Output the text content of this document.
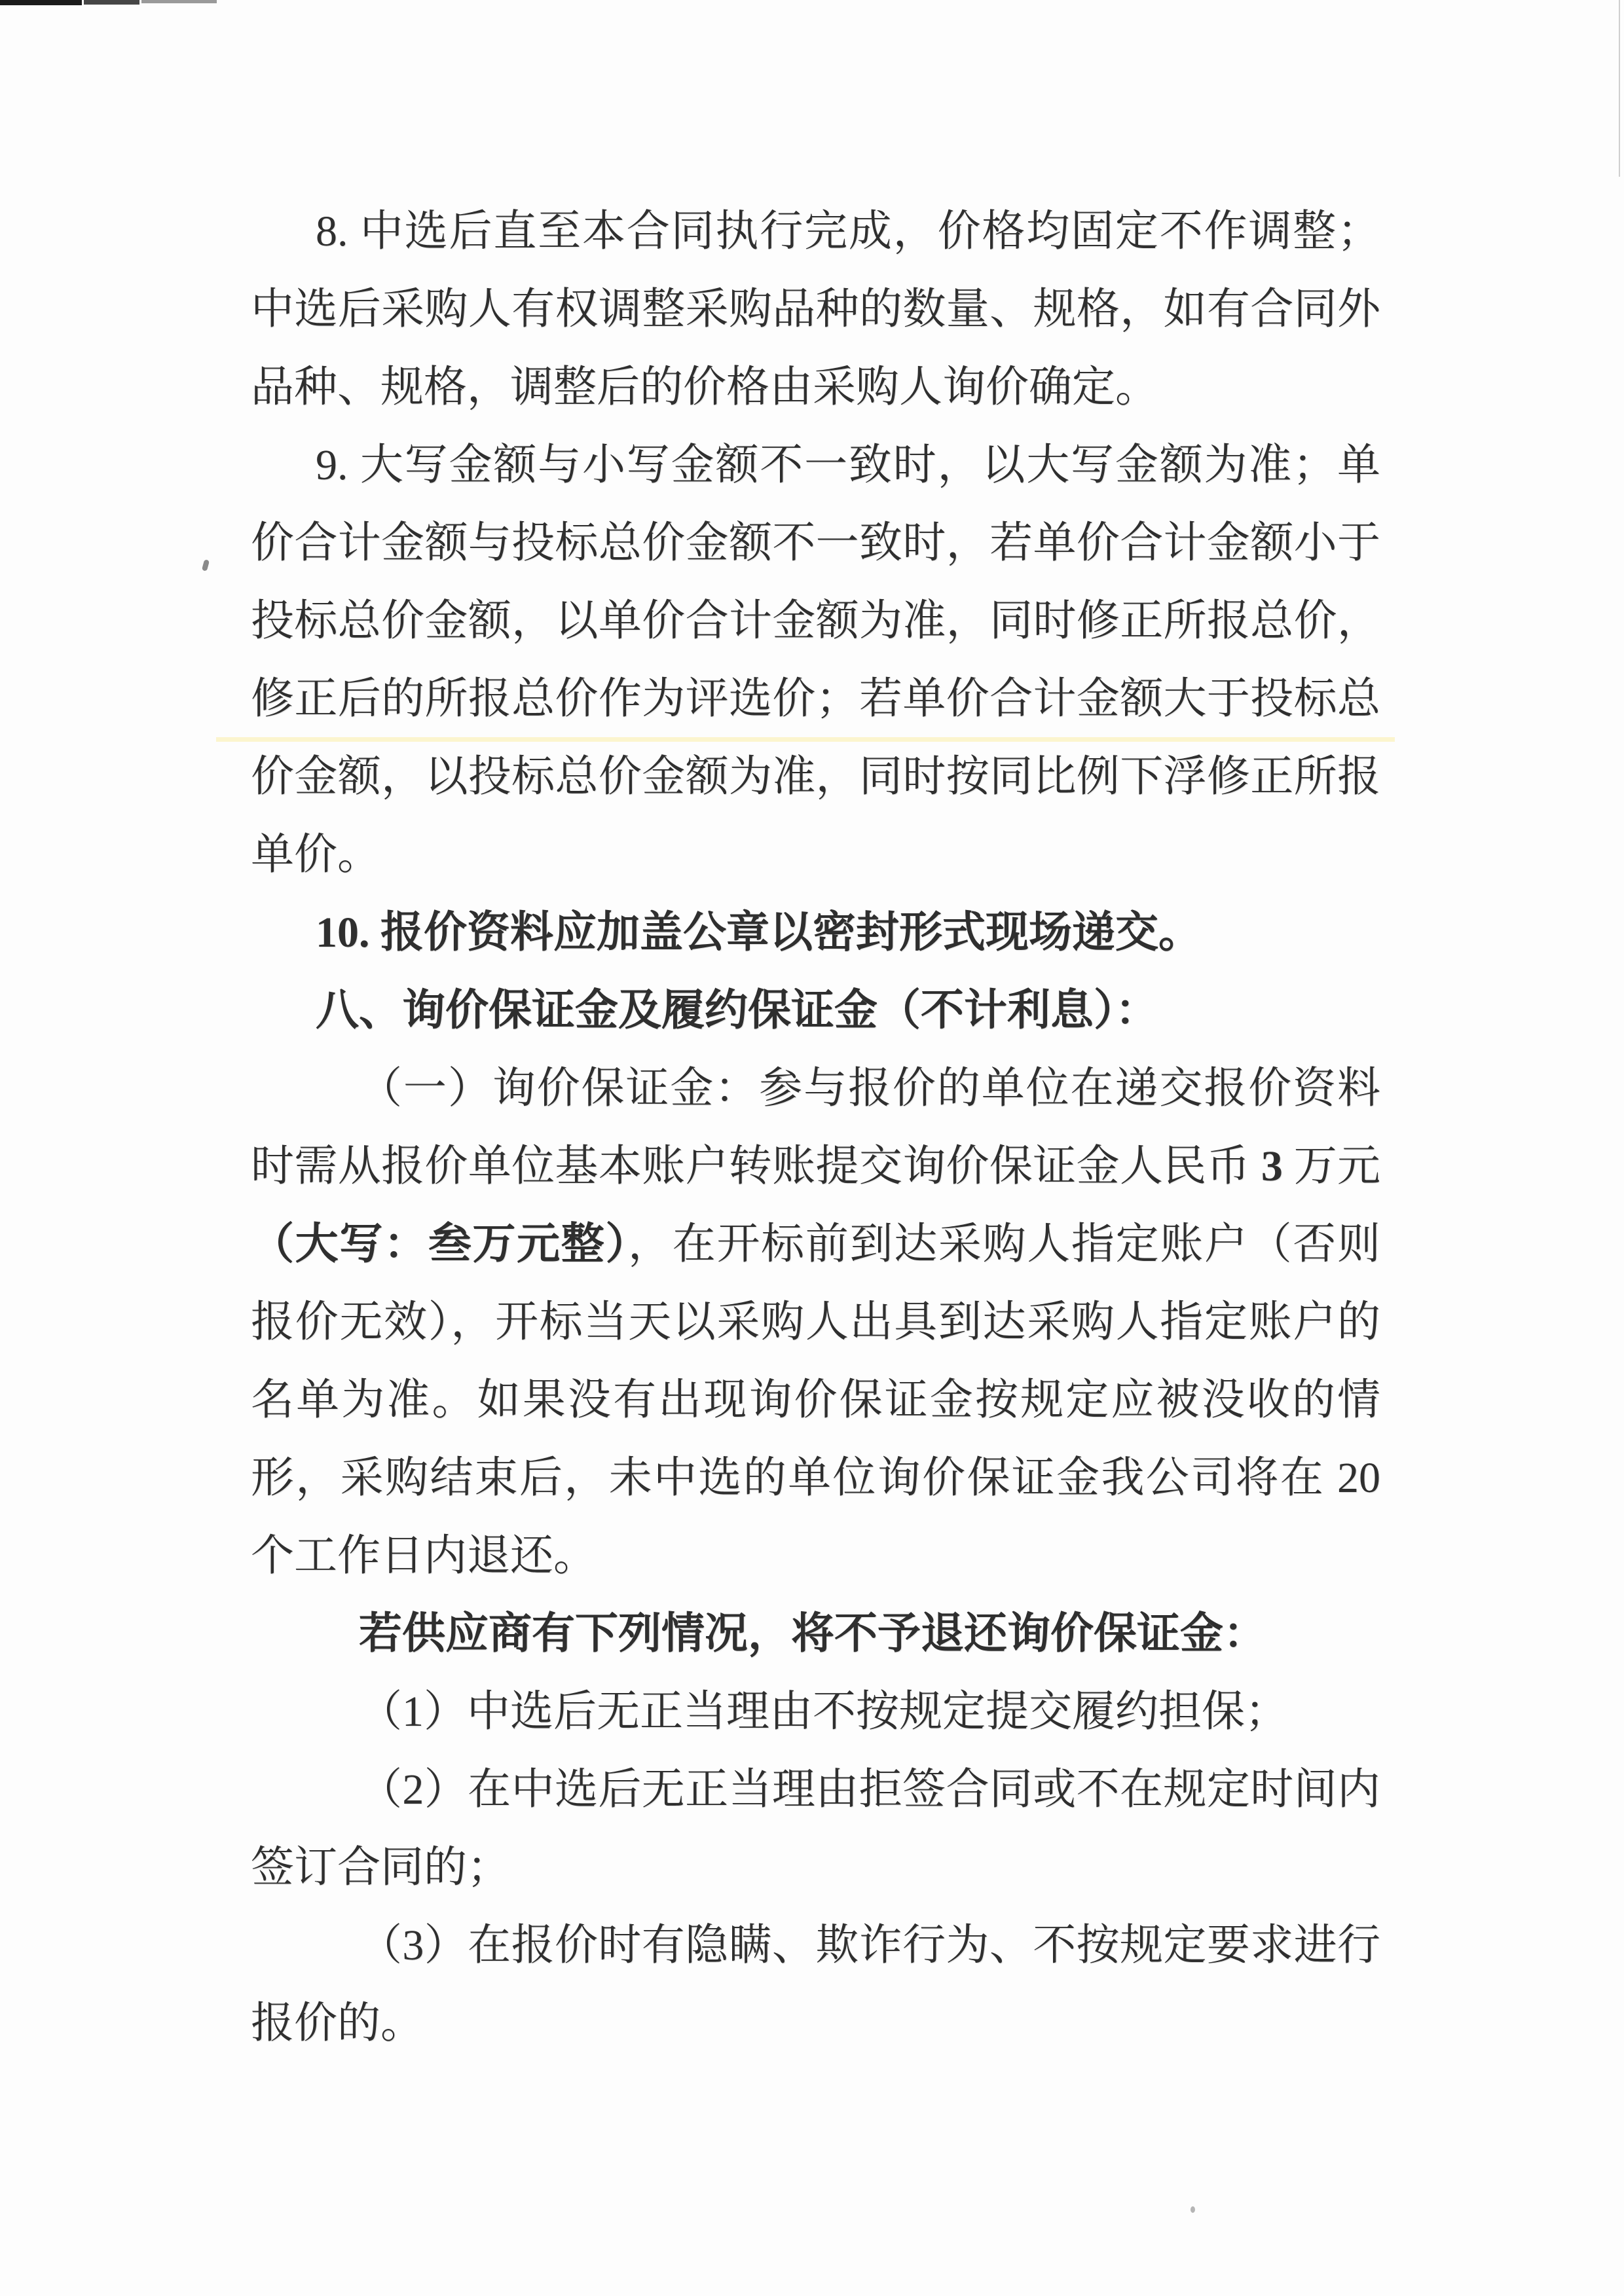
8. 中选后直至本合同执行完成，价格均固定不作调整；
中选后采购人有权调整采购品种的数量、规格，如有合同外
品种、规格，调整后的价格由采购人询价确定。
9. 大写金额与小写金额不一致时，以大写金额为准；单
价合计金额与投标总价金额不一致时，若单价合计金额小于
投标总价金额，以单价合计金额为准，同时修正所报总价，
修正后的所报总价作为评选价；若单价合计金额大于投标总
价金额，以投标总价金额为准，同时按同比例下浮修正所报
单价。
10. 报价资料应加盖公章以密封形式现场递交。
八、询价保证金及履约保证金（不计利息）：
（一）询价保证金：参与报价的单位在递交报价资料
时需从报价单位基本账户转账提交询价保证金人民币 3 万元
（大写：叁万元整），在开标前到达采购人指定账户（否则
报价无效），开标当天以采购人出具到达采购人指定账户的
名单为准。如果没有出现询价保证金按规定应被没收的情
形，采购结束后，未中选的单位询价保证金我公司将在 20
个工作日内退还。
若供应商有下列情况，将不予退还询价保证金：
（1）中选后无正当理由不按规定提交履约担保；
（2）在中选后无正当理由拒签合同或不在规定时间内
签订合同的；
（3）在报价时有隐瞒、欺诈行为、不按规定要求进行
报价的。
